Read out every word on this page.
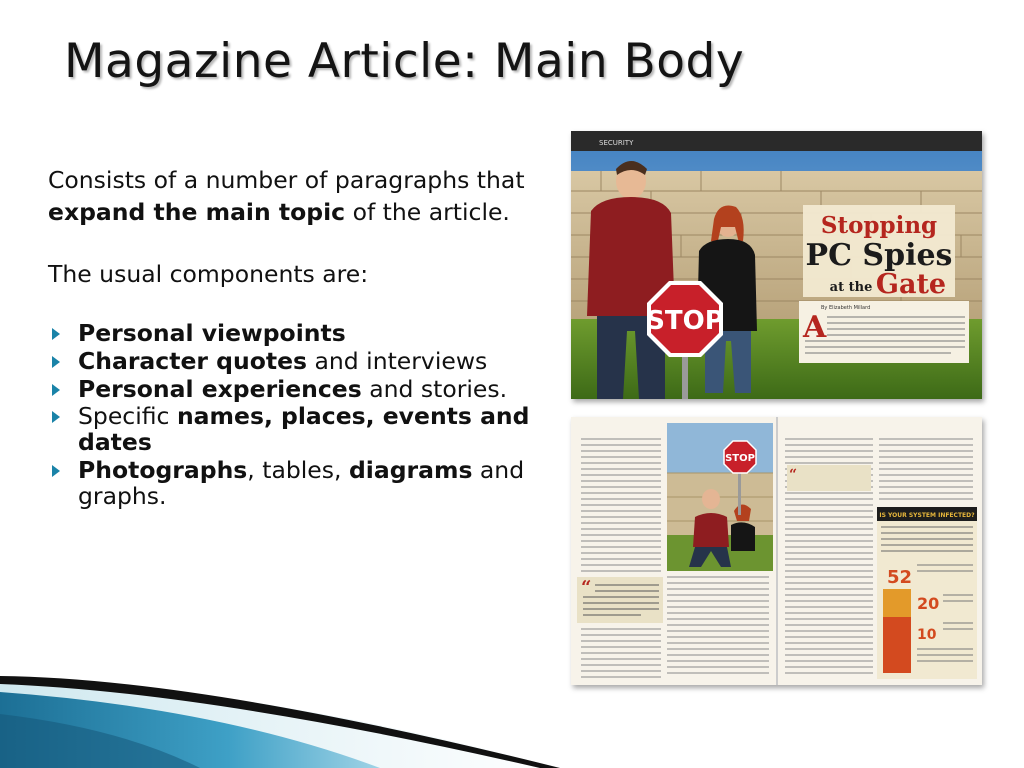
Magazine Article: Main Body

Consists of a number of paragraphs that expand the main topic of the article.

The usual components are:

Personal viewpoints
Character quotes and interviews
Personal experiences and stories.
Specific names, places, events and dates
Photographs, tables, diagrams and graphs.
SECURITY
STOP
Stopping
PC Spies
at the Gate
By Elizabeth Millard
A
“
STOP
“
IS YOUR SYSTEM INFECTED?
52
20
10
